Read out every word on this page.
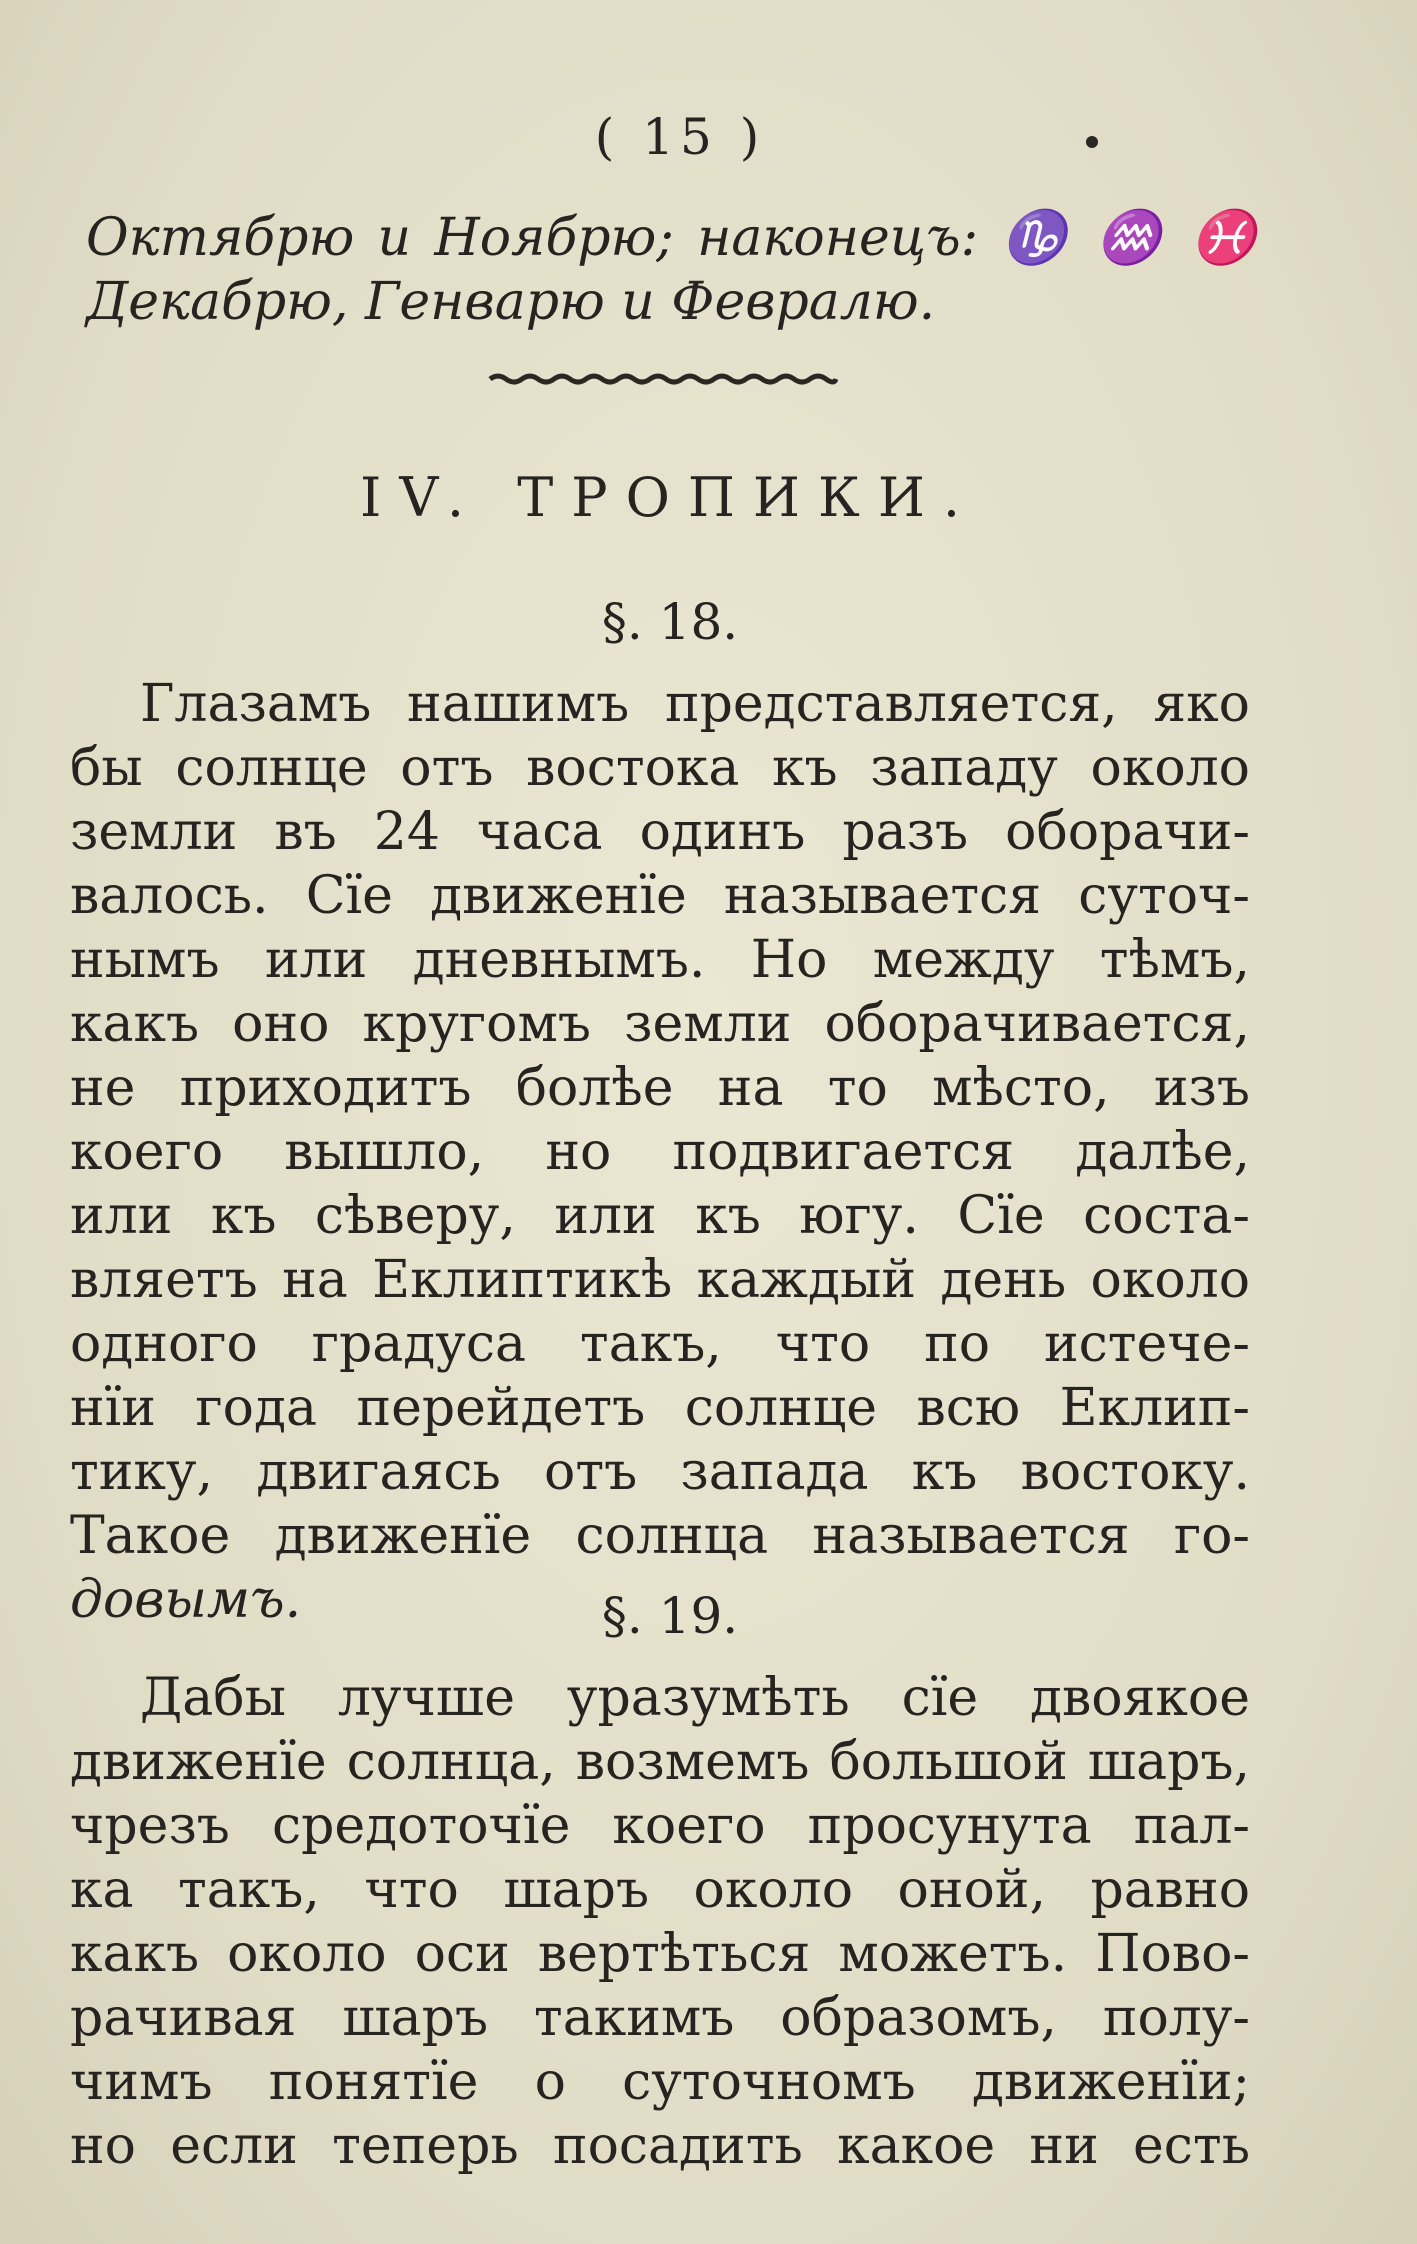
( 15 )
Октябрю и Ноябрю; наконецъ: ♑ ♒ ♓
Декабрю, Генварю и Февралю.
IV. ТРОПИКИ.
§. 18.
Глазамъ нашимъ представляется, яко
бы солнце отъ востока къ западу около
земли въ 24 часа одинъ разъ оборачи-
валось. Сїе движенїе называется суточ-
нымъ или дневнымъ. Но между тѣмъ,
какъ оно кругомъ земли оборачивается,
не приходитъ болѣе на то мѣсто, изъ
коего вышло, но подвигается далѣе,
или къ сѣверу, или къ югу. Сїе соста-
вляетъ на Еклиптикѣ каждый день около
одного градуса такъ, что по истече-
нїи года перейдетъ солнце всю Еклип-
тику, двигаясь отъ запада къ востоку.
Такое движенїе солнца называется го-
довымъ.	§. 19.
Дабы лучше уразумѣть сїе двоякое
движенїе солнца, возмемъ большой шаръ,
чрезъ средоточїе коего просунута пал-
ка такъ, что шаръ около оной, равно
какъ около оси вертѣться можетъ. Пово-
рачивая шаръ такимъ образомъ, полу-
чимъ понятїе о суточномъ движенїи;
но если теперь посадить какое ни есть
